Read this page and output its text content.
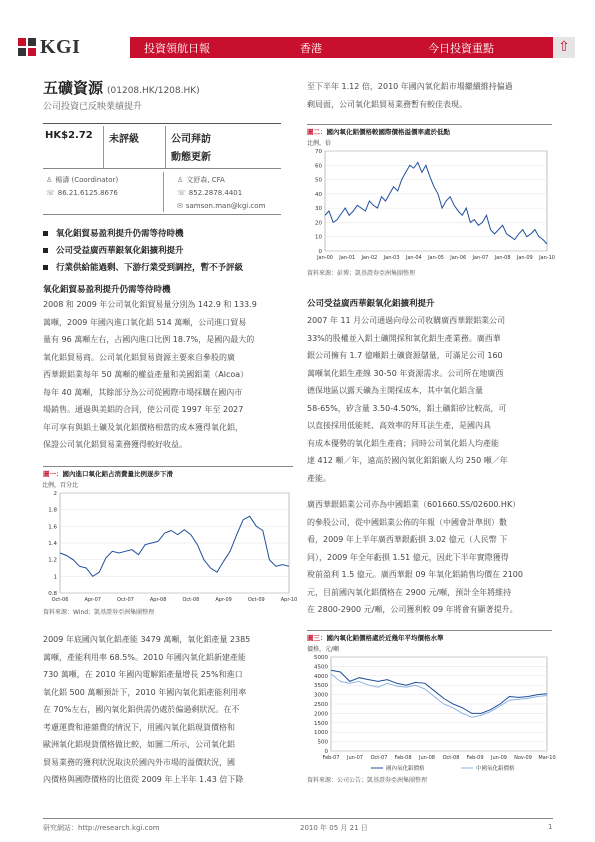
KGI	投資領航日報	香港	今日投資重點	⇧
五礦資源 (01208.HK/1208.HK)
公司投資已反映業績提升
HK$2.72 未評級	公司拜訪
動態更新
♙ 楊濤 (Coordinator)
☏ 86.21.6125.8676
♙ 文舒森, CFA
☏ 852.2878.4401
✉ samson.man@kgi.com
氧化鋁貿易盈利提升仍需等待時機
公司受益廣西華銀氧化鋁擴利提升
行業供給能過剩、下游行業受到調控，暫不予評級
氧化鋁貿易盈利提升仍需等待時機
2008 和 2009 年公司氧化鋁貿易量分別為 142.9 和 133.9
萬噸，2009 年國內進口氧化鋁 514 萬噸，公司進口貿易
量有 96 萬噸左右，占國內進口比例 18.7%，是國內最大的
氧化鋁貿易商。公司氧化鋁貿易資源主要來自參股的廣
西華銀鋁業每年 50 萬噸的權益產量和美國鋁業（Alcoa）
每年 40 萬噸，其餘部分為公司從國際市場採購在國內市
場銷售。通過與美鋁的合同，使公司從 1997 年至 2027
年可享有與鋁土礦及氧化鋁價格相當的成本獲得氧化鋁，
保證公司氧化鋁貿易業務獲得較好收益。
圖一：國內進口氧化鋁占消費量比例逐步下滑
比例，百分比
0.8
1
1.2
1.4
1.6
1.8
2
Oct-06	Apr-07	Oct-07	Apr-08	Oct-08	Apr-09	Oct-09	Apr-10
資料來源：Wind；凱基證券亞洲集團整理
2009 年底國內氧化鋁產能 3479 萬噸，氧化鋁產量 2385
萬噸，產能利用率 68.5%。2010 年國內氧化鋁新建產能
730 萬噸，在 2010 年國內電解鋁產量增長 25%和進口
氧化鋁 500 萬噸預計下，2010 年國內氧化鋁產能利用率
在 70%左右，國內氧化鋁供需仍處於偏過剩狀況。在不
考慮運費和港雜費的情況下，用國內氧化鋁現貨價格和
歐洲氧化鋁現貨價格做比較，如圖二所示，公司氧化鋁
貿易業務的獲利狀況取決於國內外市場的溢價狀況，國
內價格與國際價格的比值從 2009 年上半年 1.43 倍下降
至下半年 1.12 倍，2010 年國內氧化鋁市場繼續維持偏過
剩局面，公司氧化鋁貿易業務暫有較佳表現。
圖二：國內氧化鋁價格較國際價格溢價率處於低點
比例，倍
0
10
20
30
40
50
60
70
Jan-00 Jan-01 Jan-02 Jan-03 Jan-04 Jan-05 Jan-06 Jan-07 Jan-08 Jan-09 Jan-10
資料來源：彭博；凱基證券亞洲集團整理
公司受益廣西華銀氧化鋁擴利提升
2007 年 11 月公司通過向母公司收購廣西華銀鋁業公司
33%的股權並入鋁土礦開採和氧化鋁生產業務。廣西華
銀公司擁有 1.7 億噸鋁土礦資源儲量，可滿足公司 160
萬噸氧化鋁生產線 30-50 年資源需求。公司所在地廣西
德保地區以露天礦為主開採成本，其中氧化鋁含量
58-65%，矽含量 3.50-4.50%，鋁土礦鋁矽比較高，可
以直接採用低能耗、高效率的拜耳法生產，是國內具
有成本優勢的氧化鋁生產商；同時公司氧化鋁人均產能
達 412 噸／年，遠高於國內氧化鋁鋁廠人均 250 噸／年
產能。
廣西華銀鋁業公司亦為中國鋁業（601660.SS/02600.HK）
的參股公司，從中國鋁業公佈的年報（中國會計準則）數
看，2009 年上半年廣西華銀虧損 3.02 億元（人民幣 下
同），2009 年全年虧損 1.51 億元，因此下半年實際獲得
稅前盈利 1.5 億元。廣西華銀 09 年氧化鋁銷售均價在 2100
元，目前國內氧化鋁價格在 2900 元/噸，預計全年將維持
在 2800-2900 元/噸，公司獲利較 09 年將會有顯著提升。
圖三：國內氧化鋁價格處於近幾年平均價格水準
價格，元/噸
0
500
1000
1500
2000
2500
3000
3500
4000
4500
5000
Feb-07 Jun-07 Oct-07 Feb-08 Jun-08 Oct-08 Feb-09 Jun-09 Nov-09 Mar-10
國內氧化鋁價格	中國氧化鋁價格
資料來源：公司公告；凱基證券亞洲集團整理
研究網站：http://research.kgi.com	2010 年 05 月 21 日	1
